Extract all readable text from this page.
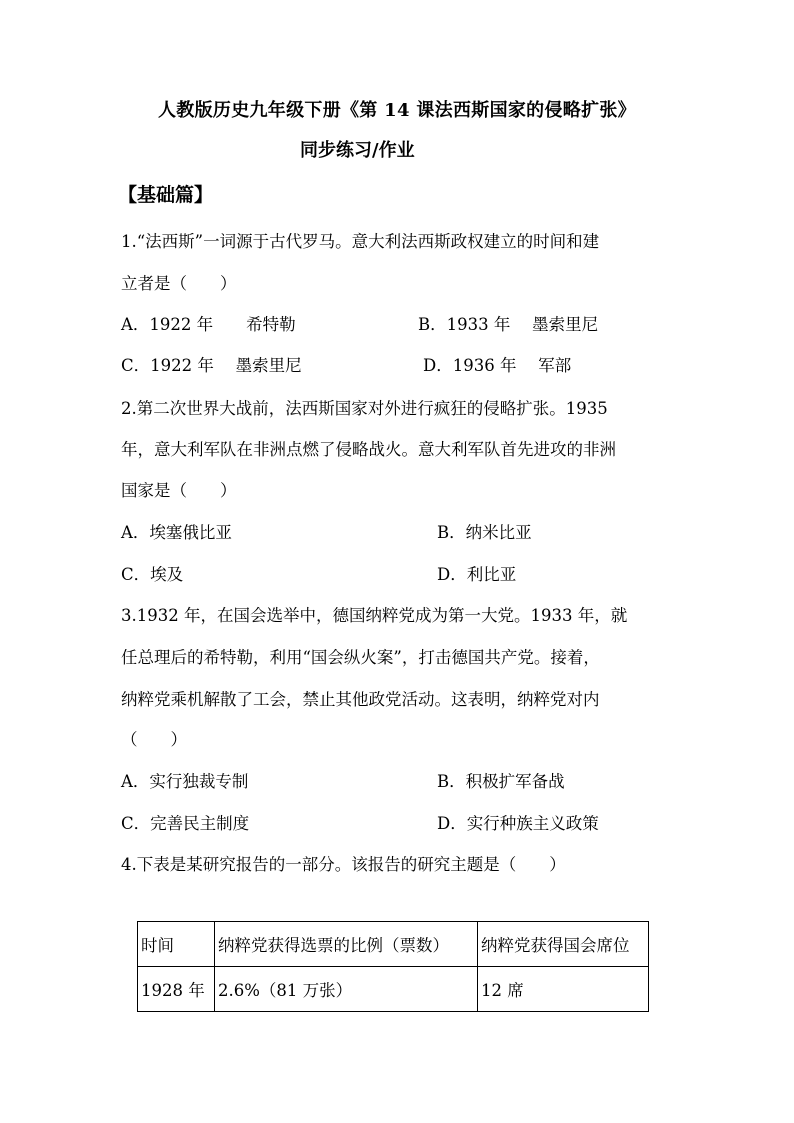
人教版历史九年级下册《第 14 课法西斯国家的侵略扩张》
同步练习/作业
【基础篇】
1.“法西斯”一词源于古代罗马。意大利法西斯政权建立的时间和建
立者是（　　）
A．1922 年　　希特勒	B．1933 年　 墨索里尼
C．1922 年　 墨索里尼	D．1936 年　 军部
2.第二次世界大战前，法西斯国家对外进行疯狂的侵略扩张。1935
年，意大利军队在非洲点燃了侵略战火。意大利军队首先进攻的非洲
国家是（　　）
A．埃塞俄比亚	B．纳米比亚
C．埃及	D．利比亚
3.1932 年，在国会选举中，德国纳粹党成为第一大党。1933 年，就
任总理后的希特勒，利用“国会纵火案”，打击德国共产党。接着，
纳粹党乘机解散了工会，禁止其他政党活动。这表明，纳粹党对内
（　　）
A．实行独裁专制	B．积极扩军备战
C．完善民主制度	D．实行种族主义政策
4.下表是某研究报告的一部分。该报告的研究主题是（　　）
时间	纳粹党获得选票的比例（票数）	纳粹党获得国会席位
1928 年	2.6%（81 万张）	12 席
